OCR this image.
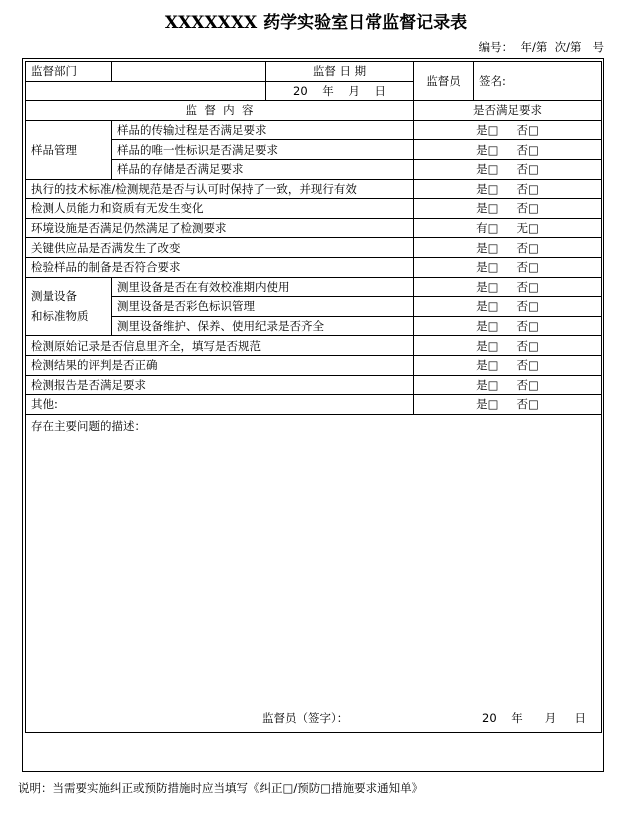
XXXXXXX 药学实验室日常监督记录表
编号：  年/第  次/第   号
监督部门		监督 日 期	监督员	签名:
		20    年    月    日		
监  督  内  容			是否满足要求	
样品管理	样品的传输过程是否满足要求		是□ 否□	
	样品的唯一性标识是否满足要求		是□ 否□	
	样品的存储是否满足要求		是□ 否□	
执行的技术标准/检测规范是否与认可时保持了一致，并现行有效			是□ 否□	
检测人员能力和资质有无发生变化			是□ 否□	
环境设施是否满足仍然满足了检测要求			有□ 无□	
关键供应品是否满发生了改变			是□ 否□	
检验样品的制备是否符合要求			是□ 否□	
测量设备
和标准物质	测里设备是否在有效校准期内使用		是□ 否□	
	测里设备是否彩色标识管理		是□ 否□	
	测里设备维护、保养、使用纪录是否齐全		是□ 否□	
检测原始记录是否信息里齐全，填写是否规范			是□ 否□	
检测结果的评判是否正确			是□ 否□	
检测报告是否满足要求			是□ 否□	
其他:			是□ 否□	

存在主要问题的描述：
监督员（签字）： 20    年      月     日				
说明：当需要实施纠正或预防措施时应当填写《纠正□/预防□措施要求通知单》
